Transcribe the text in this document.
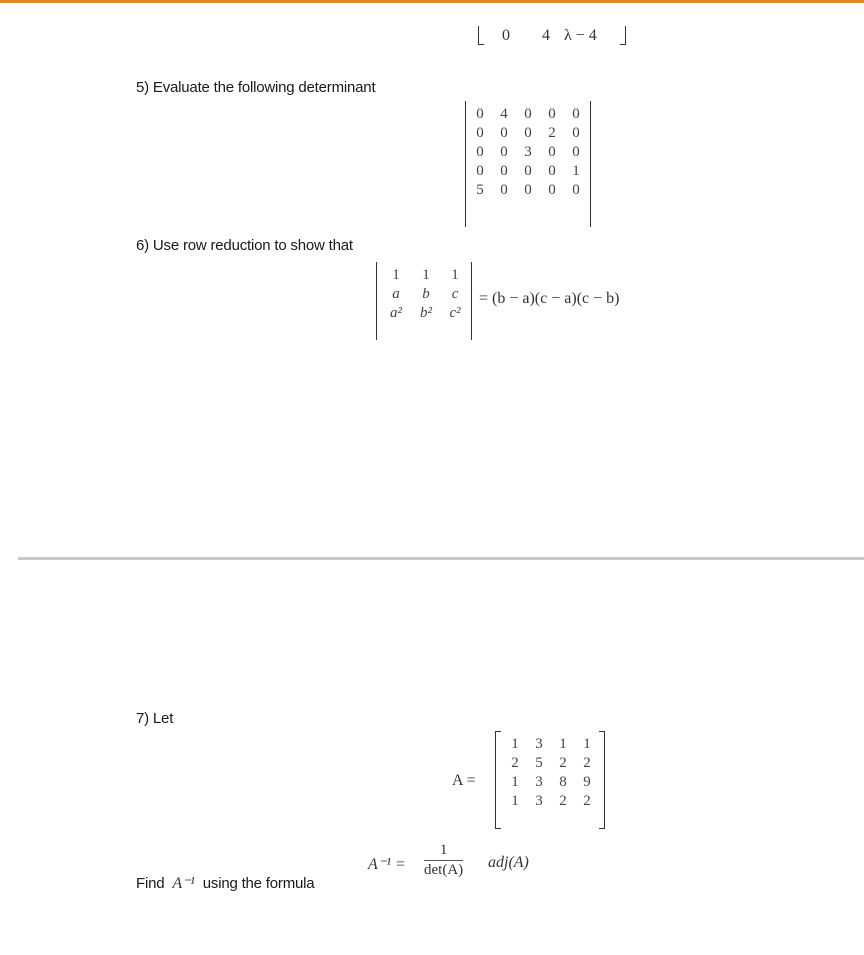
0 4 λ − 4
5) Evaluate the following determinant
0	4	0	0	0
0	0	0	2	0
0	0	3	0	0
0	0	0	0	1
5	0	0	0	0
6) Use row reduction to show that
1	1	1
a	b	c
a²	b²	c²
= (b − a)(c − a)(c − b)
7) Let
A =
1	3	1	1
2	5	2	2
1	3	8	9
1	3	2	2
Find A⁻¹ using the formula
A⁻¹ =
1
det(A) adj(A)
